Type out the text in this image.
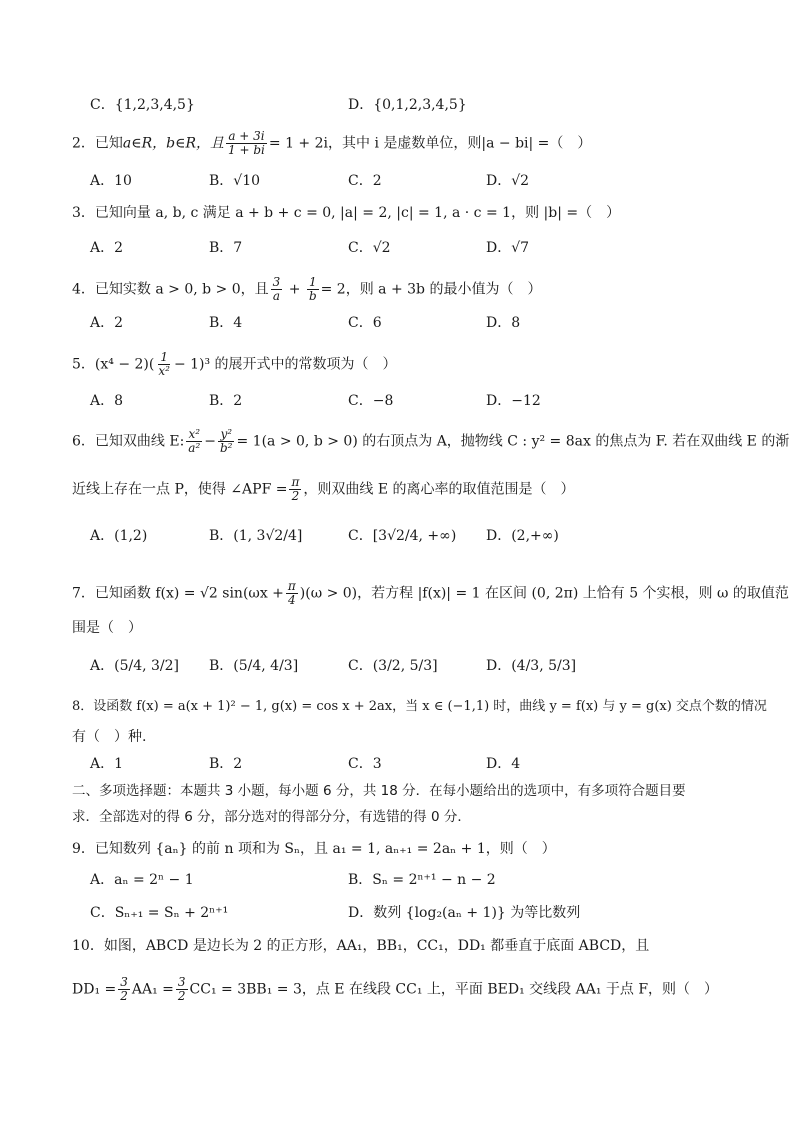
C．{1,2,3,4,5}	D．{0,1,2,3,4,5}
2．已知a∈R，b∈R，且 $\frac{a + 3i}{1 + bi} = 1 + 2i$，其中 i 是虚数单位，则|a − bi| =（　）
A．10	B．√10	C．2	D．√2
3．已知向量 a, b, c 满足 a + b + c = 0, |a| = 2, |c| = 1, a · c = 1，则 |b| =（　）
A．2	B．7	C．√2	D．√7
4．已知实数 a > 0, b > 0，且 $\frac{3}{a} + \frac{1}{b} = 2$，则 a + 3b 的最小值为（　）
A．2	B．4	C．6	D．8
5．$(x^4 - 2)( \frac{1}{\text{x²}} - 1)^3$ 的展开式中的常数项为（　）
A．8	B．2	C．−8	D．−12
6．已知双曲线 E: $\frac{\text{x²}}{\text{a²}} - \frac{\text{y²}}{\text{b²}} = 1(a > 0$, b > 0) 的右顶点为 A，抛物线 C : y² = 8ax 的焦点为 F. 若在双曲线 E 的渐
近线上存在一点 P，使得 ∠APF = $\frac{\pi}{2}$ ，则双曲线 E 的离心率的取值范围是（　）
A．(1,2)	B．(1, 3√2/4]	C．[3√2/4, +∞) D．(2,+∞)
7．已知函数 f(x) = √2 $\sin(\omega x + \frac{\pi}{4} )(\omega > 0)$，若方程 |f(x)| = 1 在区间 (0, 2π) 上恰有 5 个实根，则 ω 的取值范
围是（　）
A．(5/4, 3/2] B．(5/4, 4/3]	C．(3/2, 5/3]	D．(4/3, 5/3]
8．设函数 f(x) = a(x + 1)² − 1, g(x) = cos x + 2ax，当 x ∈ (−1,1) 时，曲线 y = f(x) 与 y = g(x) 交点个数的情况
有（　）种.
A．1	B．2	C．3	D．4
二、多项选择题：本题共 3 小题，每小题 6 分，共 18 分．在每小题给出的选项中，有多项符合题目要
求．全部选对的得 6 分，部分选对的得部分分，有选错的得 0 分．
9．已知数列 {aₙ} 的前 n 项和为 Sₙ，且 a₁ = 1, aₙ₊₁ = 2aₙ + 1，则（　）
A．aₙ = 2ⁿ − 1	B．Sₙ = 2ⁿ⁺¹ − n − 2
C．Sₙ₊₁ = Sₙ + 2ⁿ⁺¹	D．数列 {log₂(aₙ + 1)} 为等比数列
10．如图，ABCD 是边长为 2 的正方形，AA₁，BB₁，CC₁，DD₁ 都垂直于底面 ABCD，且
$DD_1 = \frac{3}{2} AA_1 = \frac{3}{2} CC_1 = 3BB_1 = 3$，点 E 在线段 CC₁ 上，平面 BED₁ 交线段 AA₁ 于点 F，则（　）
